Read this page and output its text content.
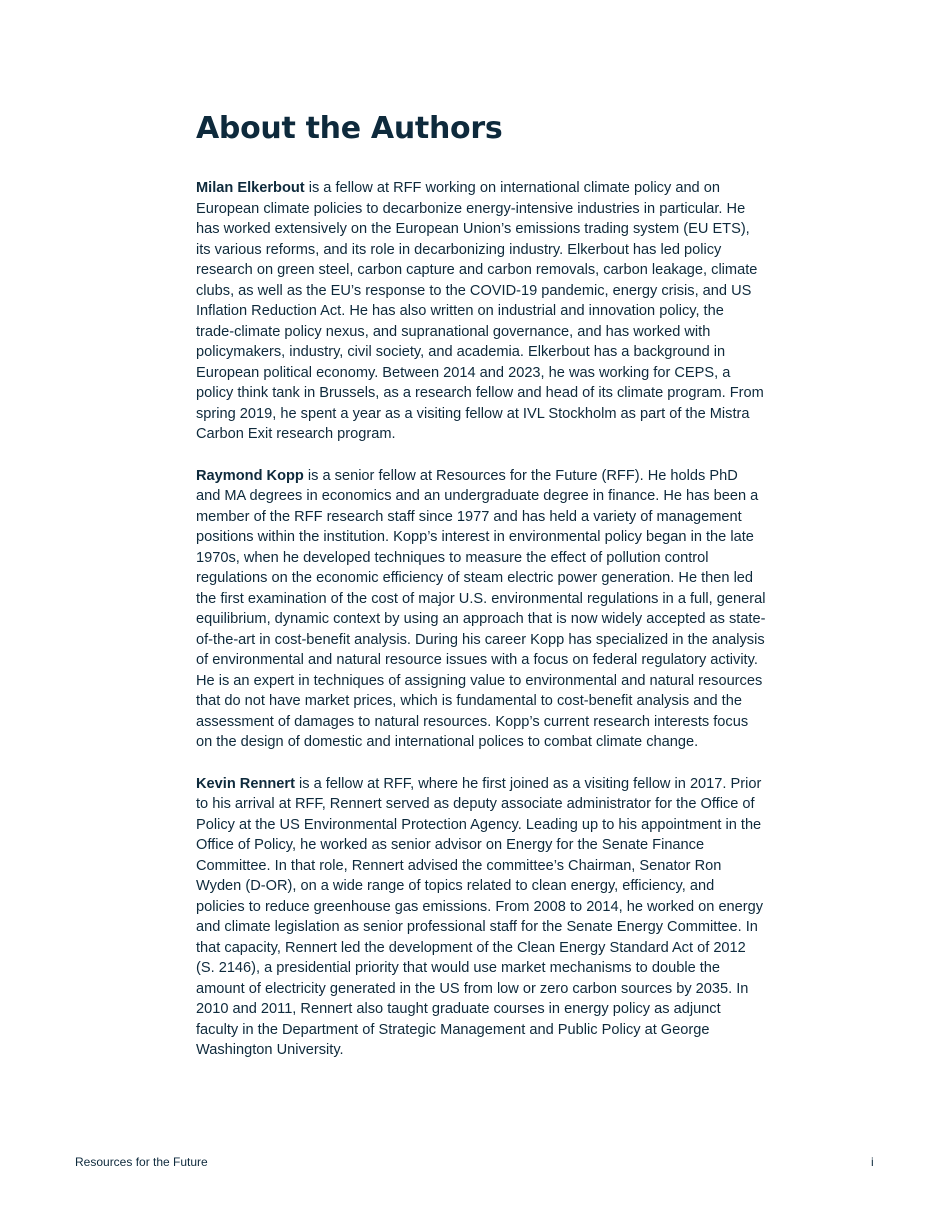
About the Authors

Milan Elkerbout is a fellow at RFF working on international climate policy and on European climate policies to decarbonize energy-intensive industries in particular. He has worked extensively on the European Union’s emissions trading system (EU ETS), its various reforms, and its role in decarbonizing industry. Elkerbout has led policy research on green steel, carbon capture and carbon removals, carbon leakage, climate clubs, as well as the EU’s response to the COVID-19 pandemic, energy crisis, and US Inflation Reduction Act. He has also written on industrial and innovation policy, the trade-climate policy nexus, and supranational governance, and has worked with policymakers, industry, civil society, and academia. Elkerbout has a background in European political economy. Between 2014 and 2023, he was working for CEPS, a policy think tank in Brussels, as a research fellow and head of its climate program. From spring 2019, he spent a year as a visiting fellow at IVL Stockholm as part of the Mistra Carbon Exit research program.

Raymond Kopp is a senior fellow at Resources for the Future (RFF). He holds PhD and MA degrees in economics and an undergraduate degree in finance. He has been a member of the RFF research staff since 1977 and has held a variety of management positions within the institution. Kopp’s interest in environmental policy began in the late 1970s, when he developed techniques to measure the effect of pollution control regulations on the economic efficiency of steam electric power generation. He then led the first examination of the cost of major U.S. environmental regulations in a full, general equilibrium, dynamic context by using an approach that is now widely accepted as state-of-the-art in cost-benefit analysis. During his career Kopp has specialized in the analysis of environmental and natural resource issues with a focus on federal regulatory activity. He is an expert in techniques of assigning value to environmental and natural resources that do not have market prices, which is fundamental to cost-benefit analysis and the assessment of damages to natural resources. Kopp’s current research interests focus on the design of domestic and international polices to combat climate change.

Kevin Rennert is a fellow at RFF, where he first joined as a visiting fellow in 2017. Prior to his arrival at RFF, Rennert served as deputy associate administrator for the Office of Policy at the US Environmental Protection Agency. Leading up to his appointment in the Office of Policy, he worked as senior advisor on Energy for the Senate Finance Committee. In that role, Rennert advised the committee’s Chairman, Senator Ron Wyden (D-OR), on a wide range of topics related to clean energy, efficiency, and policies to reduce greenhouse gas emissions. From 2008 to 2014, he worked on energy and climate legislation as senior professional staff for the Senate Energy Committee. In that capacity, Rennert led the development of the Clean Energy Standard Act of 2012 (S. 2146), a presidential priority that would use market mechanisms to double the amount of electricity generated in the US from low or zero carbon sources by 2035. In 2010 and 2011, Rennert also taught graduate courses in energy policy as adjunct faculty in the Department of Strategic Management and Public Policy at George Washington University.

Resources for the Future	i
